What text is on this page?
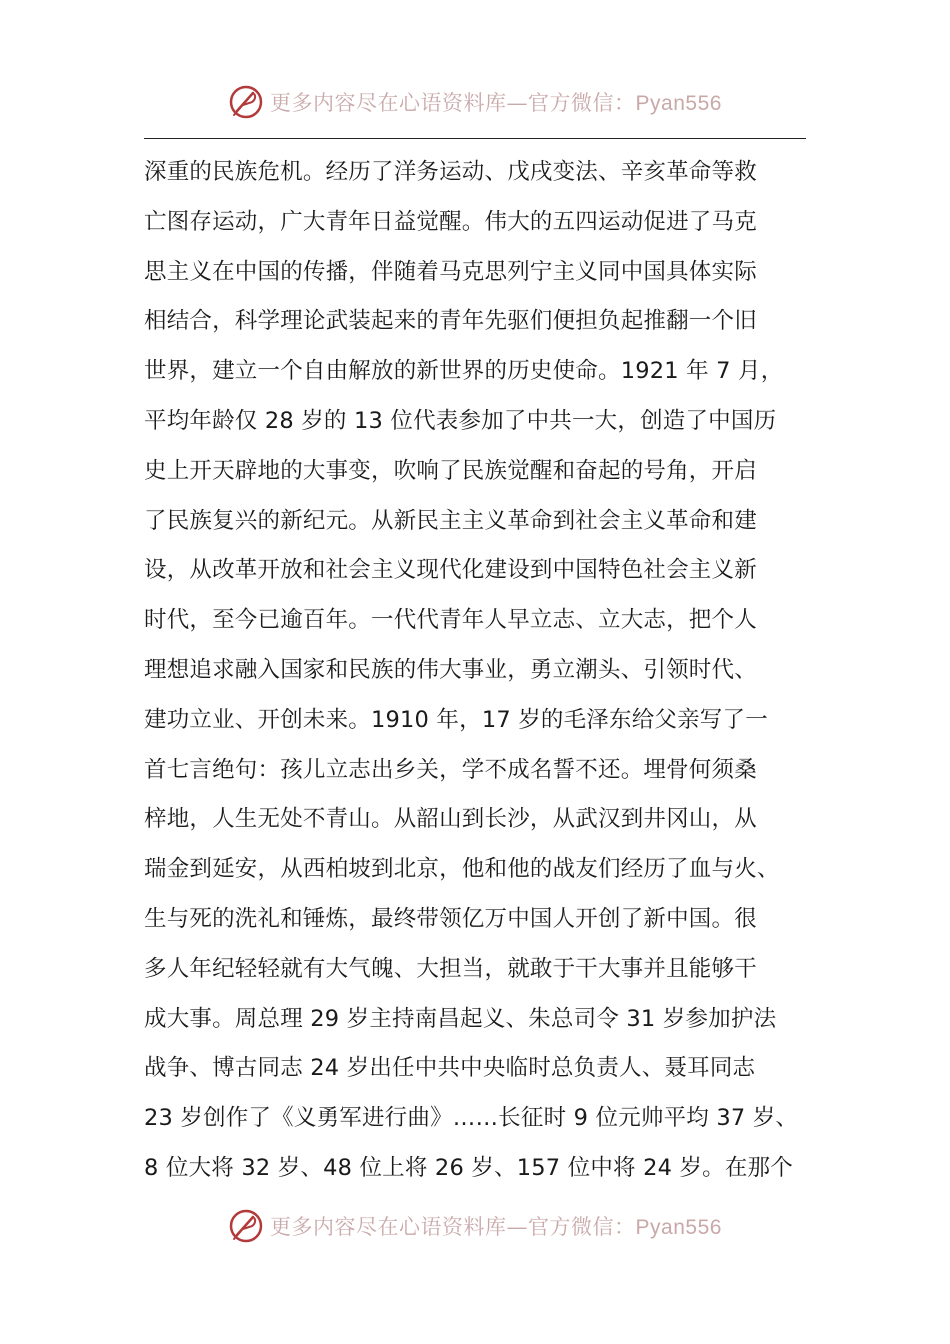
更多内容尽在心语资料库—官方微信：Pyan556
深重的民族危机。经历了洋务运动、戊戌变法、辛亥革命等救
亡图存运动，广大青年日益觉醒。伟大的五四运动促进了马克
思主义在中国的传播，伴随着马克思列宁主义同中国具体实际
相结合，科学理论武装起来的青年先驱们便担负起推翻一个旧
世界，建立一个自由解放的新世界的历史使命。1921 年 7 月，
平均年龄仅 28 岁的 13 位代表参加了中共一大，创造了中国历
史上开天辟地的大事变，吹响了民族觉醒和奋起的号角，开启
了民族复兴的新纪元。从新民主主义革命到社会主义革命和建
设，从改革开放和社会主义现代化建设到中国特色社会主义新
时代，至今已逾百年。一代代青年人早立志、立大志，把个人
理想追求融入国家和民族的伟大事业，勇立潮头、引领时代、
建功立业、开创未来。1910 年，17 岁的毛泽东给父亲写了一
首七言绝句：孩儿立志出乡关，学不成名誓不还。埋骨何须桑
梓地，人生无处不青山。从韶山到长沙，从武汉到井冈山，从
瑞金到延安，从西柏坡到北京，他和他的战友们经历了血与火、
生与死的洗礼和锤炼，最终带领亿万中国人开创了新中国。很
多人年纪轻轻就有大气魄、大担当，就敢于干大事并且能够干
成大事。周总理 29 岁主持南昌起义、朱总司令 31 岁参加护法
战争、博古同志 24 岁出任中共中央临时总负责人、聂耳同志
23 岁创作了《义勇军进行曲》……长征时 9 位元帅平均 37 岁、
8 位大将 32 岁、48 位上将 26 岁、157 位中将 24 岁。在那个
更多内容尽在心语资料库—官方微信：Pyan556
